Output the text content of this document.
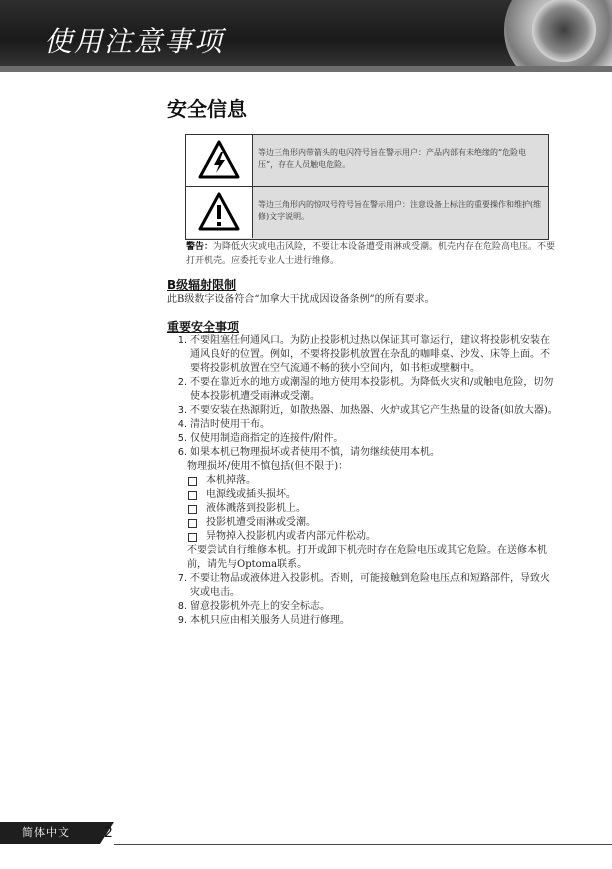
使用注意事项
安全信息
等边三角形内带箭头的电闪符号旨在警示用户：产品内部有未绝缘的“危险电压”，存在人员触电危险。
等边三角形内的惊叹号符号旨在警示用户：注意设备上标注的重要操作和维护(维修)文字说明。
警告：为降低火灾或电击风险，不要让本设备遭受雨淋或受潮。机壳内存在危险高电压。不要打开机壳。应委托专业人士进行维修。
B级辐射限制
此B级数字设备符合“加拿大干扰成因设备条例”的所有要求。
重要安全事项
1. 不要阻塞任何通风口。为防止投影机过热以保证其可靠运行，建议将投影机安装在通风良好的位置。例如，不要将投影机放置在杂乱的咖啡桌、沙发、床等上面。不要将投影机放置在空气流通不畅的狭小空间内，如书柜或壁橱中。
2. 不要在靠近水的地方或潮湿的地方使用本投影机。为降低火灾和/或触电危险，切勿使本投影机遭受雨淋或受潮。
3. 不要安装在热源附近，如散热器、加热器、火炉或其它产生热量的设备(如放大器)。
4. 清洁时使用干布。
5. 仅使用制造商指定的连接件/附件。
6. 如果本机已物理损坏或者使用不慎，请勿继续使用本机。
物理损坏/使用不慎包括(但不限于)：
本机掉落。
电源线或插头损坏。
液体溅落到投影机上。
投影机遭受雨淋或受潮。
异物掉入投影机内或者内部元件松动。
不要尝试自行维修本机。打开或卸下机壳时存在危险电压或其它危险。在送修本机前，请先与Optoma联系。
7. 不要让物品或液体进入投影机。否则，可能接触到危险电压点和短路部件，导致火灾或电击。
8. 留意投影机外壳上的安全标志。
9. 本机只应由相关服务人员进行修理。
简体中文	2
